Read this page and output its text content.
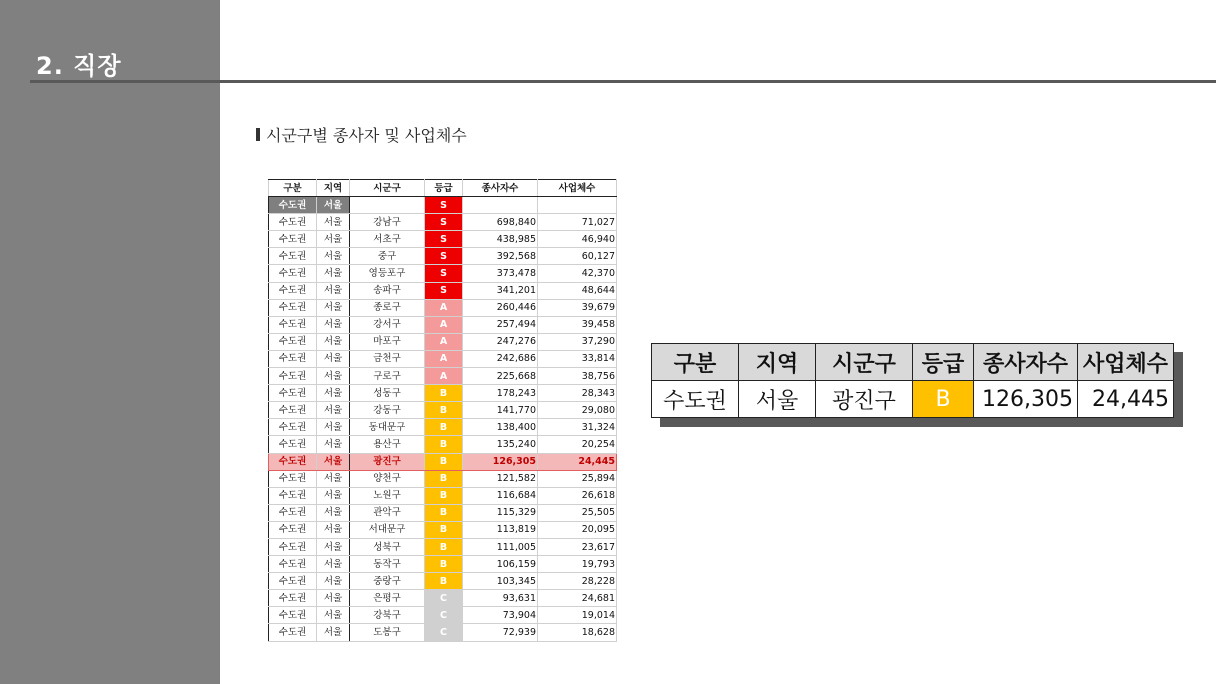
2. 직장
시군구별 종사자 및 사업체수
구분	지역	시군구	등급	종사자수	사업체수
수도권	서울		S		
수도권	서울	강남구	S	698,840	71,027
수도권	서울	서초구	S	438,985	46,940
수도권	서울	중구	S	392,568	60,127
수도권	서울	영등포구	S	373,478	42,370
수도권	서울	송파구	S	341,201	48,644
수도권	서울	종로구	A	260,446	39,679
수도권	서울	강서구	A	257,494	39,458
수도권	서울	마포구	A	247,276	37,290
수도권	서울	금천구	A	242,686	33,814
수도권	서울	구로구	A	225,668	38,756
수도권	서울	성동구	B	178,243	28,343
수도권	서울	강동구	B	141,770	29,080
수도권	서울	동대문구	B	138,400	31,324
수도권	서울	용산구	B	135,240	20,254
수도권	서울	광진구	B	126,305	24,445
수도권	서울	양천구	B	121,582	25,894
수도권	서울	노원구	B	116,684	26,618
수도권	서울	관악구	B	115,329	25,505
수도권	서울	서대문구	B	113,819	20,095
수도권	서울	성북구	B	111,005	23,617
수도권	서울	동작구	B	106,159	19,793
수도권	서울	중랑구	B	103,345	28,228
수도권	서울	은평구	C	93,631	24,681
수도권	서울	강북구	C	73,904	19,014
수도권	서울	도봉구	C	72,939	18,628
구분	지역	시군구	등급	종사자수	사업체수
수도권	서울	광진구	B	126,305	24,445
